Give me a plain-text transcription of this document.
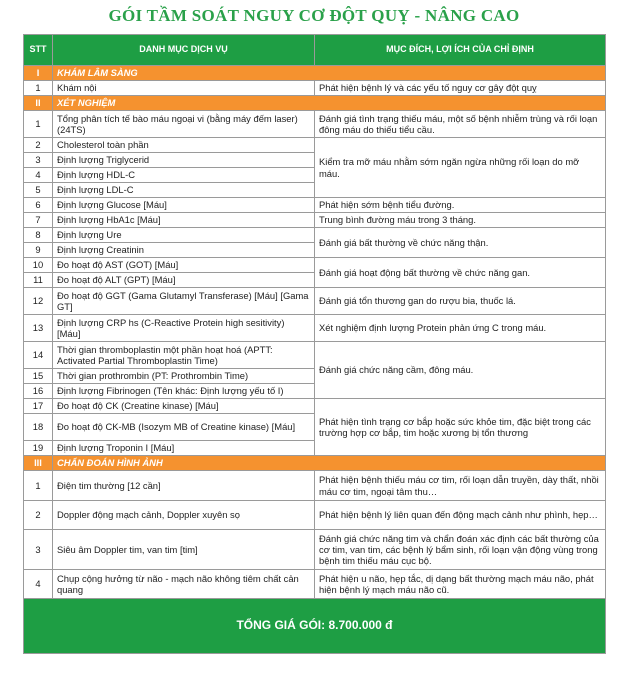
GÓI TẦM SOÁT NGUY CƠ ĐỘT QUỴ - NÂNG CAO
STT	DANH MỤC DỊCH VỤ	MỤC ĐÍCH, LỢI ÍCH CỦA CHỈ ĐỊNH
I	KHÁM LÂM SÀNG	
1	Khám nội	Phát hiện bệnh lý và các yếu tố nguy cơ gây đột quỵ
II	XÉT NGHIỆM	
1	Tổng phân tích tế bào máu ngoại vi (bằng máy đếm laser) (24TS)	Đánh giá tình trạng thiếu máu, một số bệnh nhiễm trùng và rối loạn đông máu do thiếu tiểu cầu.
2	Cholesterol toàn phần	Kiểm tra mỡ máu nhằm sớm ngăn ngừa những rối loạn do mỡ máu.
3	Định lượng Triglycerid	
4	Định lượng HDL-C	
5	Định lượng LDL-C	
6	Định lượng Glucose [Máu]	Phát hiện sớm bệnh tiểu đường.
7	Định lượng HbA1c [Máu]	Trung bình đường máu trong 3 tháng.
8	Định lượng Ure	Đánh giá bất thường về chức năng thận.
9	Định lượng Creatinin	
10	Đo hoạt độ AST (GOT) [Máu]	Đánh giá hoạt động bất thường về chức năng gan.
11	Đo hoạt độ ALT (GPT) [Máu]	
12	Đo hoạt độ GGT (Gama Glutamyl Transferase) [Máu] [Gama GT]	Đánh giá tổn thương gan do rượu bia, thuốc lá.
13	Định lượng CRP hs (C-Reactive Protein high sesitivity) [Máu]	Xét nghiệm định lượng Protein phản ứng C trong máu.
14	Thời gian thromboplastin một phần hoạt hoá (APTT: Activated Partial Thromboplastin Time)	Đánh giá chức năng cầm, đông máu.
15	Thời gian prothrombin (PT: Prothrombin Time)	
16	Định lượng Fibrinogen (Tên khác: Định lượng yếu tố I)	
17	Đo hoạt độ CK (Creatine kinase) [Máu]	Phát hiện tình trạng cơ bắp hoặc sức khỏe tim, đặc biệt trong các trường hợp cơ bắp, tim hoặc xương bị tổn thương
18	Đo hoạt độ CK-MB (Isozym MB of Creatine kinase) [Máu]	
19	Định lượng Troponin I [Máu]	
III	CHẨN ĐOÁN HÌNH ẢNH	
1	Điện tim thường [12 cần]	Phát hiện bệnh thiếu máu cơ tim, rối loạn dẫn truyền, dày thất, nhồi máu cơ tim, ngoại tâm thu…
2	Doppler động mạch cảnh, Doppler xuyên sọ	Phát hiện bệnh lý liên quan đến động mạch cảnh như phình, hẹp…
3	Siêu âm Doppler tim, van tim [tim]	Đánh giá chức năng tim và chẩn đoán xác định các bất thường của cơ tim, van tim, các bệnh lý bẩm sinh, rối loạn vận động vùng trong bệnh tim thiếu máu cục bộ.
4	Chụp cộng hưởng từ não - mạch não không tiêm chất cản quang	Phát hiện u não, hẹp tắc, dị dạng bất thường mạch máu não, phát hiện bệnh lý mạch máu não cũ.
TỔNG GIÁ GÓI: 8.700.000 đ		
